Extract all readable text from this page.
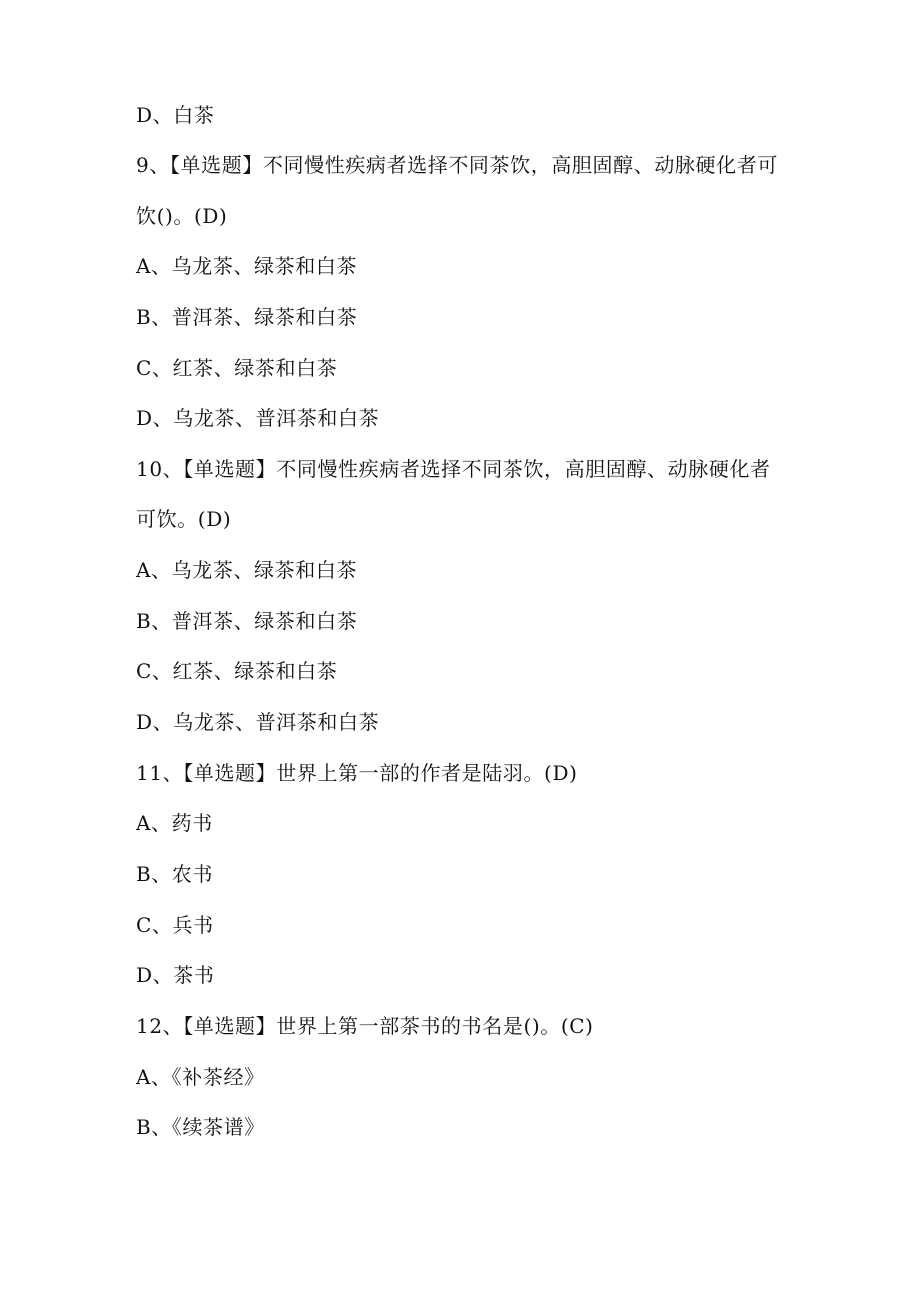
D、白茶
9、【单选题】不同慢性疾病者选择不同茶饮，高胆固醇、动脉硬化者可
饮()。(D)
A、乌龙茶、绿茶和白茶
B、普洱茶、绿茶和白茶
C、红茶、绿茶和白茶
D、乌龙茶、普洱茶和白茶
10、【单选题】不同慢性疾病者选择不同茶饮，高胆固醇、动脉硬化者
可饮。(D)
A、乌龙茶、绿茶和白茶
B、普洱茶、绿茶和白茶
C、红茶、绿茶和白茶
D、乌龙茶、普洱茶和白茶
11、【单选题】世界上第一部的作者是陆羽。(D)
A、药书
B、农书
C、兵书
D、茶书
12、【单选题】世界上第一部茶书的书名是()。(C)
A、《补茶经》
B、《续茶谱》
